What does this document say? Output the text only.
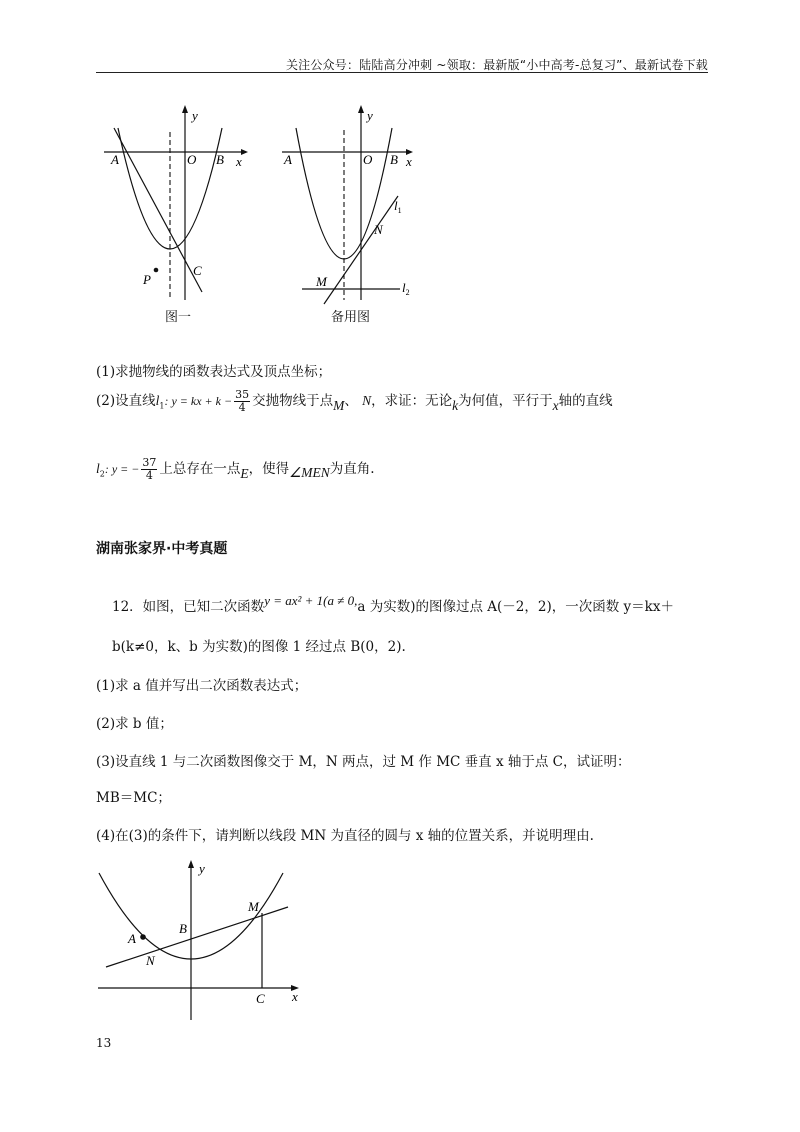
关注公众号：陆陆高分冲刺 ~领取：最新版“小中高考-总复习”、最新试卷下载
y
x
A	O B
P
C
图一
y
x
A	O B
$l_1$
N
M	$l_2$
备用图
(1)求抛物线的函数表达式及顶点坐标；
(2)设直线$l_1$: y = kx + $k - \frac{35}{4}$ 交抛物线于点M、 N，求证：无论k为何值，平行于x轴的直线
$l_2$: y = − $\frac{37}{4}$ 上总存在一点E，使得∠MEN为直角.
湖南张家界·中考真题
12．如图，已知二次函数y = ax² + 1(a ≠ 0,a 为实数)的图像过点 A(－2，2)，一次函数 y＝kx＋
b(k≠0，k、b 为实数)的图像 1 经过点 B(0，2).
(1)求 a 值并写出二次函数表达式；
(2)求 b 值；
(3)设直线 1 与二次函数图像交于 M，N 两点，过 M 作 MC 垂直 x 轴于点 C，试证明：
MB＝MC；
(4)在(3)的条件下，请判断以线段 MN 为直径的圆与 x 轴的位置关系，并说明理由.
y
x
M
A
B
N
C
13
